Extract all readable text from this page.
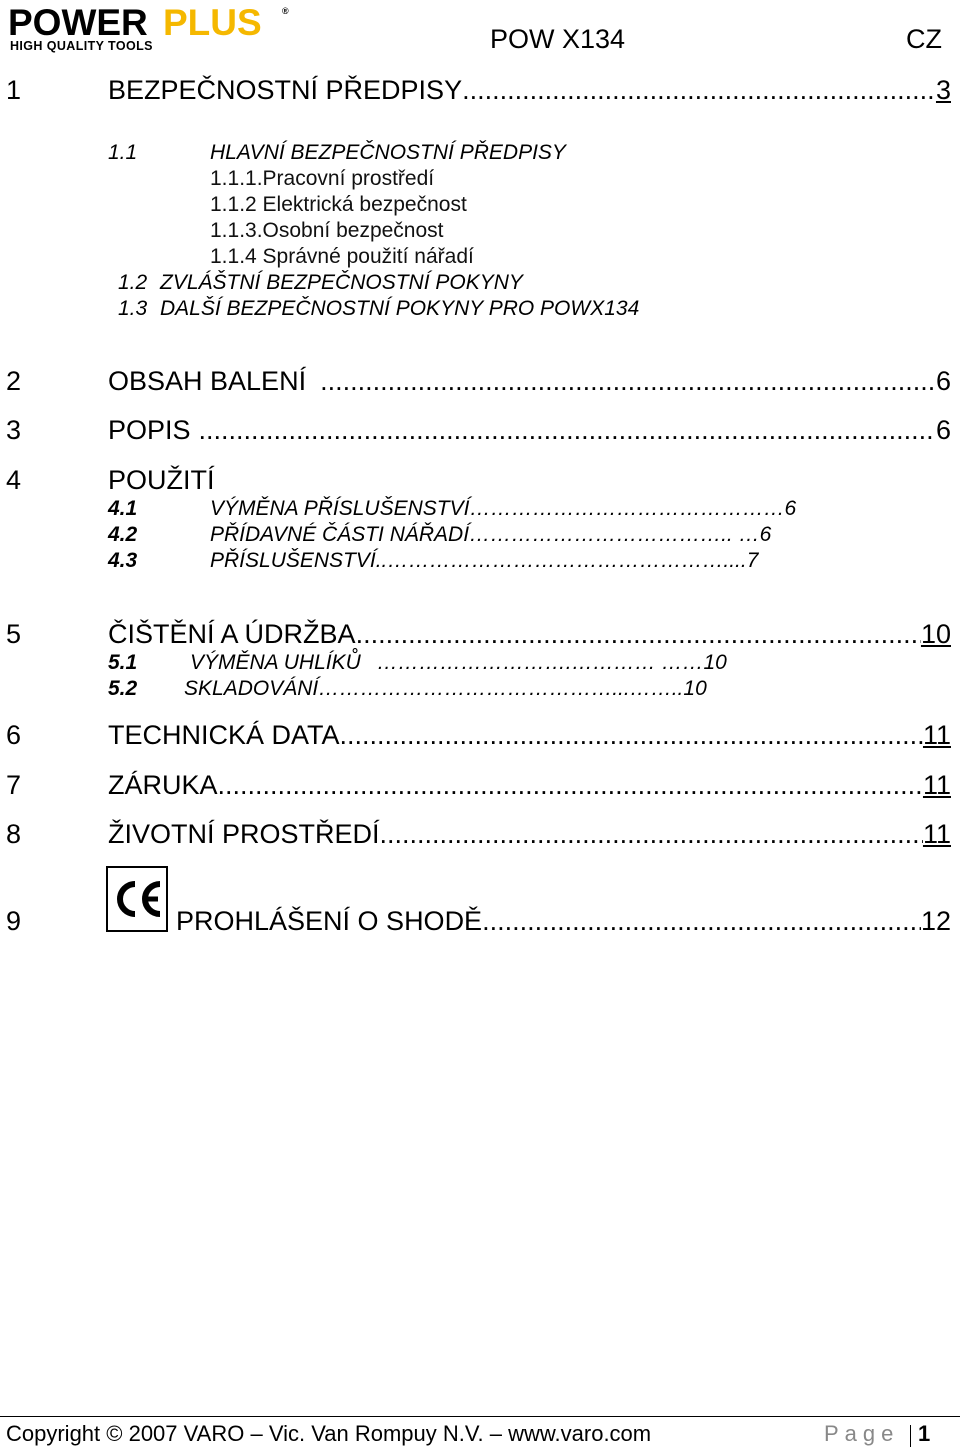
POWER PLUS ®
HIGH QUALITY TOOLS	POW X134	CZ
1	BEZPEČNOSTNÍ PŘEDPISY .....	3
1.1	HLAVNÍ BEZPEČNOSTNÍ PŘEDPISY
1.1.1.Pracovní prostředí
1.1.2 Elektrická bezpečnost
1.1.3.Osobní bezpečnost
1.1.4 Správné použití nářadí
1.2 ZVLÁŠTNÍ BEZPEČNOSTNÍ POKYNY
1.3 DALŠÍ BEZPEČNOSTNÍ POKYNY PRO POWX134
2	OBSAH BALENÍ .....	6
3	POPIS .....	6
4	POUŽITÍ
4.1	VÝMĚNA PŘÍSLUŠENSTVÍ………………………………………6
4.2	PŘÍDAVNÉ ČÁSTI NÁŘADÍ……………………………….. …6
4.3	PŘÍSLUŠENSTVÍ..…………………………………………....7
5	ČIŠTĚNÍ A ÚDRŽBA .....	10
5.1	VÝMĚNA UHLÍKŮ ……………………….………… ……10
5.2 SKLADOVÁNÍ……………………………………...……..10
6	TECHNICKÁ DATA .....	11
7	ZÁRUKA .....	11
8	ŽIVOTNÍ PROSTŘEDÍ .....	11
9	PROHLÁŠENÍ O SHODĚ .....	12
Copyright © 2007 VARO – Vic. Van Rompuy N.V. – www.varo.com	Page 1
